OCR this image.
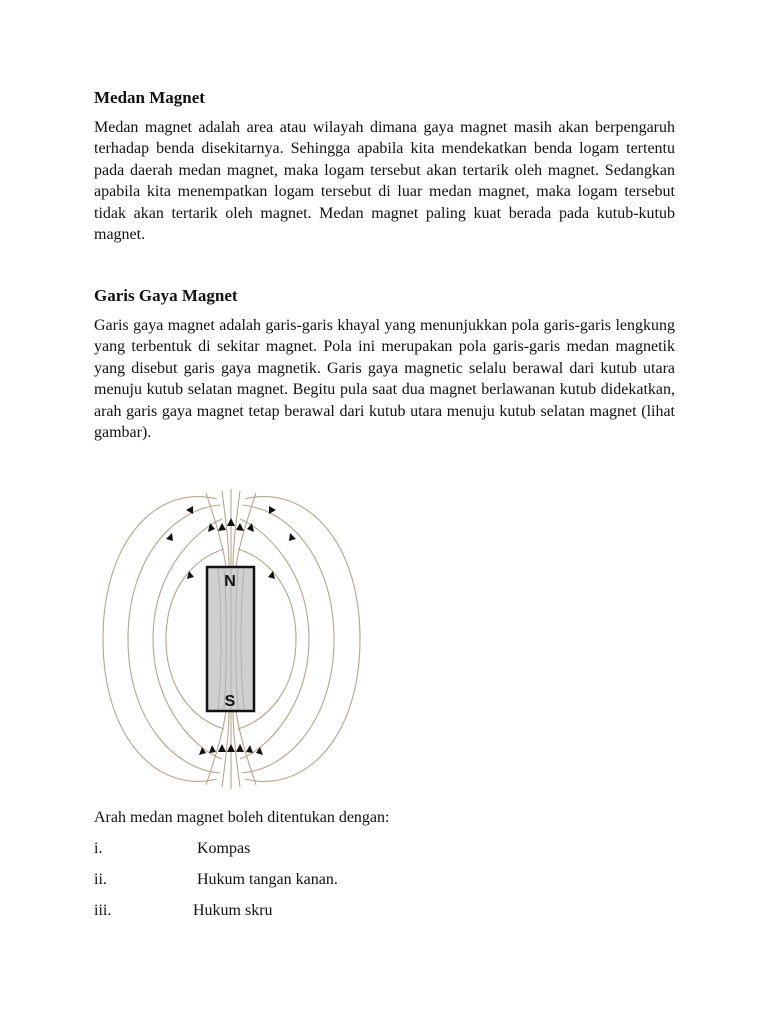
Medan Magnet

Medan magnet adalah area atau wilayah dimana gaya magnet masih akan berpengaruh terhadap benda disekitarnya. Sehingga apabila kita mendekatkan benda logam tertentu pada daerah medan magnet, maka logam tersebut akan tertarik oleh magnet. Sedangkan apabila kita menempatkan logam tersebut di luar medan magnet, maka logam tersebut tidak akan tertarik oleh magnet. Medan magnet paling kuat berada pada kutub-kutub magnet.

Garis Gaya Magnet

Garis gaya magnet adalah garis-garis khayal yang menunjukkan pola garis-garis lengkung yang terbentuk di sekitar magnet. Pola ini merupakan pola garis-garis medan magnetik yang disebut garis gaya magnetik. Garis gaya magnetic selalu berawal dari kutub utara menuju kutub selatan magnet. Begitu pula saat dua magnet berlawanan kutub didekatkan, arah garis gaya magnet tetap berawal dari kutub utara menuju kutub selatan magnet (lihat gambar).

Arah medan magnet boleh ditentukan dengan:

i.	Kompas
ii.	Hukum tangan kanan.
iii.	Hukum skru
N
S
